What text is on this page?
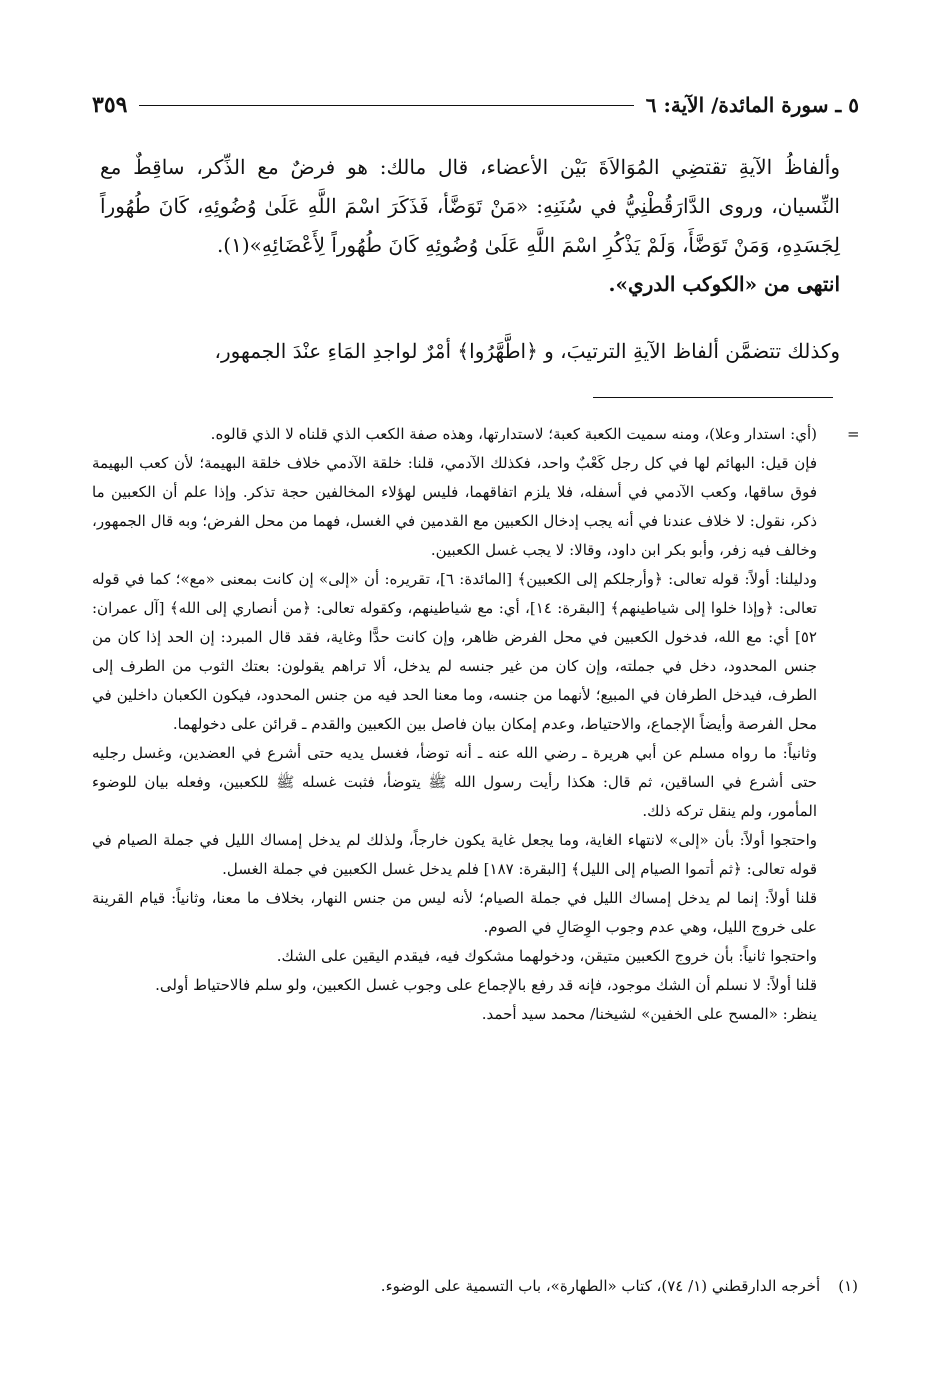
٥ ـ سورة المائدة/ الآية: ٦
٣٥٩

وألفاظُ الآيةِ تقتضِي المُوَالاَةَ بَيْن الأعضاء، قال مالك: هو فرضٌ مع الذِّكر، ساقِطٌ مع النِّسيان، وروى الدَّارَقُطْنِيُّ في سُنَنِهِ: «مَنْ تَوَضَّأ، فَذَكَرَ اسْمَ اللَّهِ عَلَىٰ وُضُوئِهِ، كَانَ طُهُوراً لِجَسَدِهِ، وَمَنْ تَوَضَّأَ، وَلَمْ يَذْكُرِ اسْمَ اللَّهِ عَلَىٰ وُضُوئِهِ كَانَ طُهُوراً لِأَعْضَائِهِ»(١).

انتهى من «الكوكب الدري».

وكذلك تتضمَّن ألفاظ الآيةِ الترتيبَ، و ﴿اطَّهَّرُوا﴾ أمْرٌ لواجدِ المَاءِ عنْدَ الجمهور،

=

(أي: استدار وعلا)، ومنه سميت الكعبة كعبة؛ لاستدارتها، وهذه صفة الكعب الذي قلناه لا الذي قالوه.

فإن قيل: البهائم لها في كل رجل كَعْبٌ واحد، فكذلك الآدمي، قلنا: خلقة الآدمي خلاف خلقة البهيمة؛ لأن كعب البهيمة فوق ساقها، وكعب الآدمي في أسفله، فلا يلزم اتفاقهما، فليس لهؤلاء المخالفين حجة تذكر. وإذا علم أن الكعبين ما ذكر، نقول: لا خلاف عندنا في أنه يجب إدخال الكعبين مع القدمين في الغسل، فهما من محل الفرض؛ وبه قال الجمهور، وخالف فيه زفر، وأبو بكر ابن داود، وقالا: لا يجب غسل الكعبين.

ودليلنا: أولاً: قوله تعالى: ﴿وأرجلكم إلى الكعبين﴾ [المائدة: ٦]، تقريره: أن «إلى» إن كانت بمعنى «مع»؛ كما في قوله تعالى: ﴿وإذا خلوا إلى شياطينهم﴾ [البقرة: ١٤]، أي: مع شياطينهم، وكقوله تعالى: ﴿من أنصاري إلى الله﴾ [آل عمران: ٥٢] أي: مع الله، فدخول الكعبين في محل الفرض ظاهر، وإن كانت حدًّا وغاية، فقد قال المبرد: إن الحد إذا كان من جنس المحدود، دخل في جملته، وإن كان من غير جنسه لم يدخل، ألا تراهم يقولون: بعتك الثوب من الطرف إلى الطرف، فيدخل الطرفان في المبيع؛ لأنهما من جنسه، وما معنا الحد فيه من جنس المحدود، فيكون الكعبان داخلين في محل الفرصة وأيضاً الإجماع، والاحتياط، وعدم إمكان بيان فاصل بين الكعبين والقدم ـ قرائن على دخولهما.

وثانياً: ما رواه مسلم عن أبي هريرة ـ رضي الله عنه ـ أنه توضأ، فغسل يديه حتى أشرع في العضدين، وغسل رجليه حتى أشرع في الساقين، ثم قال: هكذا رأيت رسول الله ﷺ يتوضأ، فثبت غسله ﷺ للكعبين، وفعله بيان للوضوء المأمور، ولم ينقل تركه ذلك.

واحتجوا أولاً: بأن «إلى» لانتهاء الغاية، وما يجعل غاية يكون خارجاً، ولذلك لم يدخل إمساك الليل في جملة الصيام في قوله تعالى: ﴿ثم أتموا الصيام إلى الليل﴾ [البقرة: ١٨٧] فلم يدخل غسل الكعبين في جملة الغسل.

قلنا أولاً: إنما لم يدخل إمساك الليل في جملة الصيام؛ لأنه ليس من جنس النهار، بخلاف ما معنا، وثانياً: قيام القرينة على خروج الليل، وهي عدم وجوب الوِصَالِ في الصوم.

واحتجوا ثانياً: بأن خروج الكعبين متيقن، ودخولهما مشكوك فيه، فيقدم اليقين على الشك.

قلنا أولاً: لا نسلم أن الشك موجود، فإنه قد رفع بالإجماع على وجوب غسل الكعبين، ولو سلم فالاحتياط أولى.

ينظر: «المسح على الخفين» لشيخنا/ محمد سيد أحمد.

(١)
أخرجه الدارقطني (١/ ٧٤)، كتاب «الطهارة»، باب التسمية على الوضوء.
